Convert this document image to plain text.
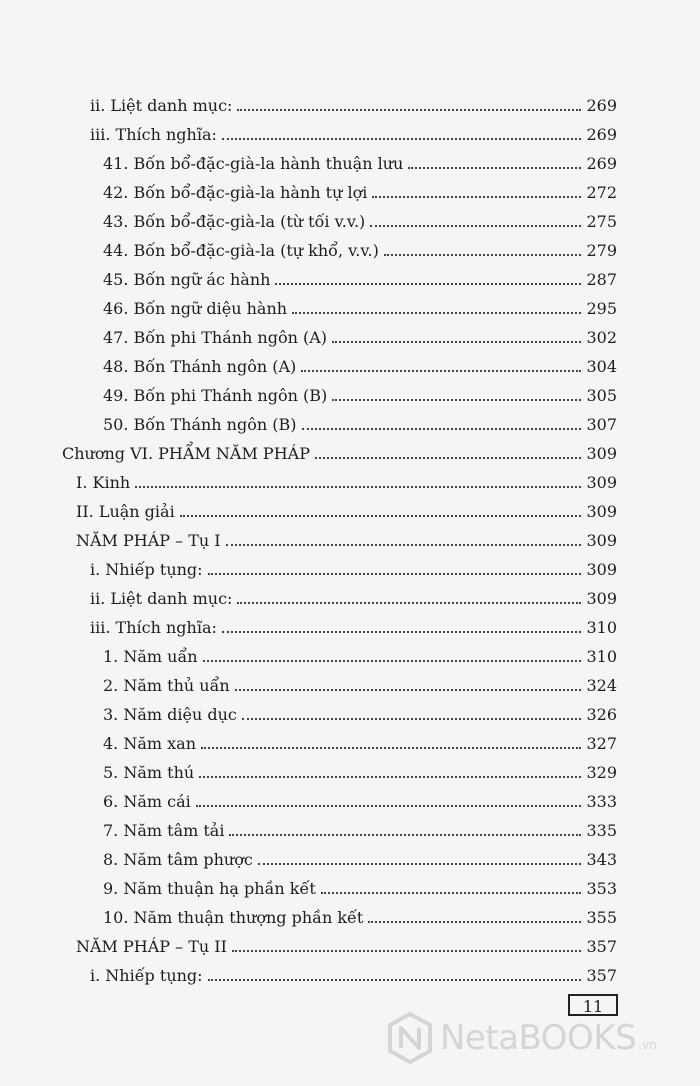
ii. Liệt danh mục:	269
iii. Thích nghĩa:	269
41. Bốn bổ-đặc-già-la hành thuận lưu	269
42. Bốn bổ-đặc-già-la hành tự lợi	272
43. Bốn bổ-đặc-già-la (từ tối v.v.)	275
44. Bốn bổ-đặc-già-la (tự khổ, v.v.)	279
45. Bốn ngữ ác hành	287
46. Bốn ngữ diệu hành	295
47. Bốn phi Thánh ngôn (A)	302
48. Bốn Thánh ngôn (A)	304
49. Bốn phi Thánh ngôn (B)	305
50. Bốn Thánh ngôn (B)	307
Chương VI. PHẨM NĂM PHÁP	309
I. Kinh	309
II. Luận giải	309
NĂM PHÁP – Tụ I	309
i. Nhiếp tụng:	309
ii. Liệt danh mục:	309
iii. Thích nghĩa:	310
1. Năm uẩn	310
2. Năm thủ uẩn	324
3. Năm diệu dục	326
4. Năm xan	327
5. Năm thú	329
6. Năm cái	333
7. Năm tâm tải	335
8. Năm tâm phược	343
9. Năm thuận hạ phần kết	353
10. Năm thuận thượng phần kết	355
NĂM PHÁP – Tụ II	357
i. Nhiếp tụng:	357
11
NetaBOOKS .vn
